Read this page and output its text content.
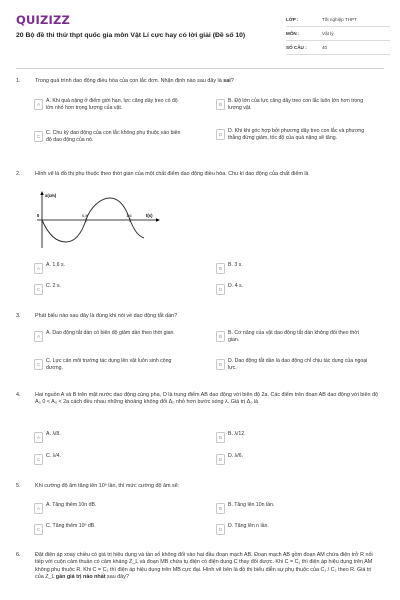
QUIZIZZ
20 Bộ đề thi thử thpt quốc gia môn Vật Lí cực hay có lời giải (Đề số 10)
LỚP :	Tốt nghiệp THPT
MÔN :	Vật lý
SỐ CÂU :	40
1.	Trong quá trình dao động điều hòa của con lắc đơn. Nhận định nào sau đây là sai?
A
A. Khi quả nặng ở điểm giới hạn, lực căng dây treo có độ lớn nhỏ hơn trọng lượng của vật.
B
B. Độ lớn của lực căng dây treo con lắc luôn lớn hơn trọng lượng vật.
C
C. Chu kỳ dao động của con lắc không phụ thuộc vào biên độ dao động của nó.
D
D. Khi khi góc hợp bởi phương dây treo con lắc và phương thẳng đứng giảm, tốc độ của quả nặng sẽ tăng.
2.	Hình vẽ là đồ thị phụ thuộc theo thời gian của một chất điểm dao động điều hòa. Chu kì dao động của chất điểm là
x(cm)
t(s)
0	0,8	1,6
A
A. 1,6 s.
B
B. 3 s.
C
C. 2 s.
D
D. 4 s.
3.	Phát biểu nào sau đây là đúng khi nói về dao động tắt dần?
A
A. Dao động tắt dần có biên độ giảm dần theo thời gian.
B
B. Cơ năng của vật dao động tắt dần không đổi theo thời gian.
C
C. Lực cản môi trường tác dụng lên vật luôn sinh công dương.
D
D. Dao động tắt dần là dao động chỉ chịu tác dụng của ngoại lực.
4.	Hai nguồn A và B trên mặt nước dao động cùng pha, O là trung điểm AB dao động với biên độ 2a. Các điểm trên đoạn AB dao động với biên độ A₀ 0 < A₀ < 2a cách đều nhau những khoảng không đổi Δ₀ nhỏ hơn bước sóng λ. Giá trị Δ₀ là
A
A. λ/8.
B
B. λ/12.
C
C. λ/4.
D
D. λ/6.
5.	Khi cường độ âm tăng lên 10ⁿ lần, thì mức cường độ âm sẽ:
A
A. Tăng thêm 10n dB.
B
B. Tăng lên 10n lần.
C
C. Tăng thêm 10ⁿ dB.
D
D. Tăng lên n lần.
6.	Đặt điện áp xoay chiều có giá trị hiệu dụng và tần số không đổi vào hai đầu đoạn mạch AB. Đoạn mạch AB gồm đoạn AM chứa điện trở R nối tiếp với cuộn cảm thuần có cảm kháng Z_L và đoạn MB chứa tụ điện có điện dung C thay đổi được. Khi C = C₁ thì điện áp hiệu dụng trên AM không phụ thuộc R. Khi C = C₂ thì điện áp hiệu dụng trên MB cực đại. Hình vẽ bên là đồ thị biểu diễn sự phụ thuộc của C₁ / C₂ theo R. Giá trị của Z_L gần giá trị nào nhất sau đây?
